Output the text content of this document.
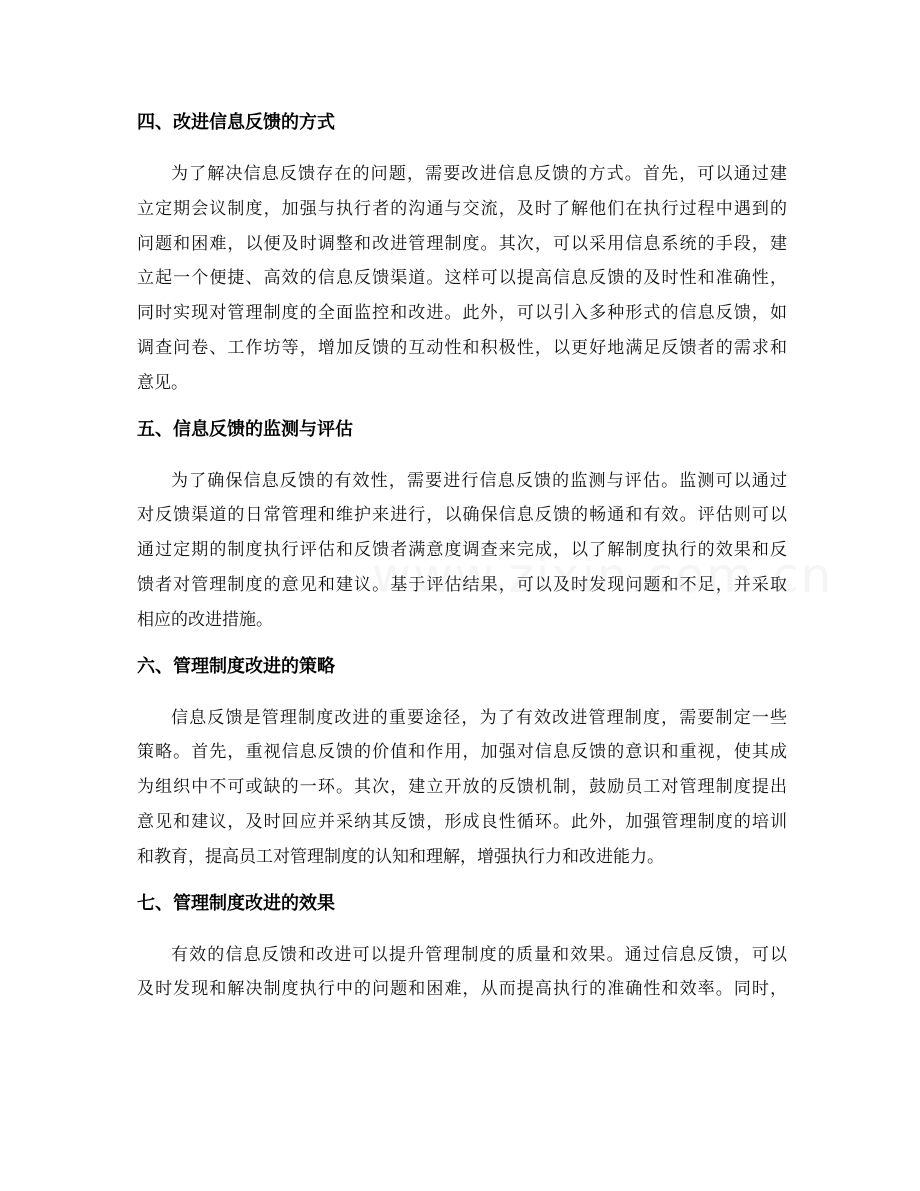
四、改进信息反馈的方式
为了解决信息反馈存在的问题，需要改进信息反馈的方式。首先，可以通过建
立定期会议制度，加强与执行者的沟通与交流，及时了解他们在执行过程中遇到的
问题和困难，以便及时调整和改进管理制度。其次，可以采用信息系统的手段，建
立起一个便捷、高效的信息反馈渠道。这样可以提高信息反馈的及时性和准确性，
同时实现对管理制度的全面监控和改进。此外，可以引入多种形式的信息反馈，如
调查问卷、工作坊等，增加反馈的互动性和积极性，以更好地满足反馈者的需求和
意见。
五、信息反馈的监测与评估
为了确保信息反馈的有效性，需要进行信息反馈的监测与评估。监测可以通过
对反馈渠道的日常管理和维护来进行，以确保信息反馈的畅通和有效。评估则可以
通过定期的制度执行评估和反馈者满意度调查来完成，以了解制度执行的效果和反
馈者对管理制度的意见和建议。基于评估结果，可以及时发现问题和不足，并采取
相应的改进措施。
六、管理制度改进的策略
信息反馈是管理制度改进的重要途径，为了有效改进管理制度，需要制定一些
策略。首先，重视信息反馈的价值和作用，加强对信息反馈的意识和重视，使其成
为组织中不可或缺的一环。其次，建立开放的反馈机制，鼓励员工对管理制度提出
意见和建议，及时回应并采纳其反馈，形成良性循环。此外，加强管理制度的培训
和教育，提高员工对管理制度的认知和理解，增强执行力和改进能力。
七、管理制度改进的效果
有效的信息反馈和改进可以提升管理制度的质量和效果。通过信息反馈，可以
及时发现和解决制度执行中的问题和困难，从而提高执行的准确性和效率。同时，
